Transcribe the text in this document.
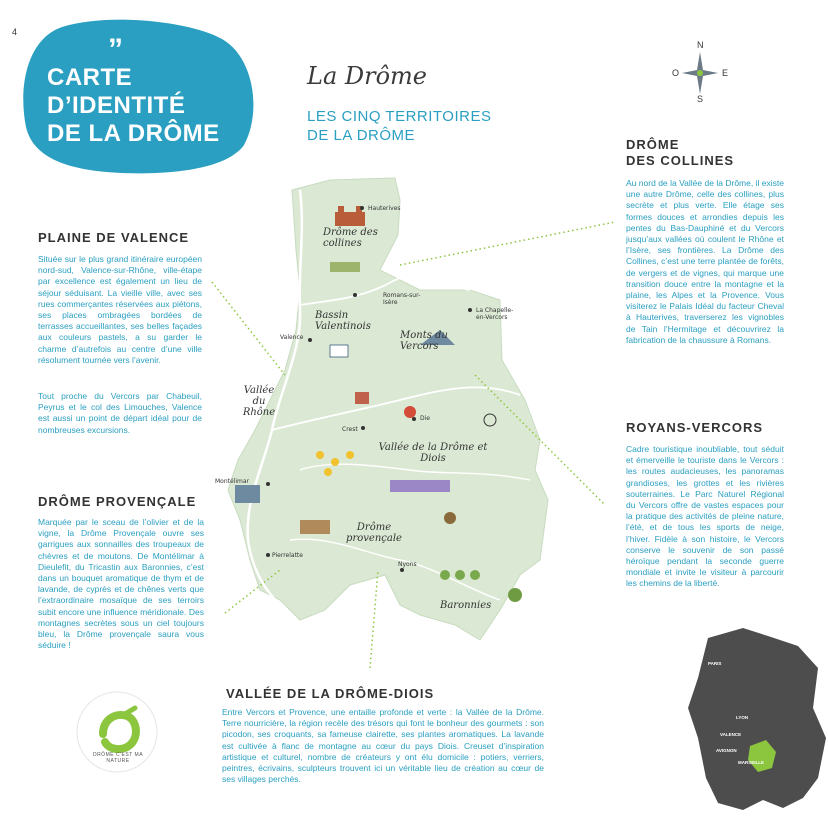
4
”
CARTE
D’IDENTITÉ
DE LA DRÔME
La Drôme
LES CINQ TERRITOIRES
DE LA DRÔME
N
O	E
S
Drôme des collines
Bassin Valentinois
Monts du Vercors
Vallée du Rhône
Vallée de la Drôme et Diois
Drôme provençale
Baronnies
Hauterives
Romans-sur-Isère
La Chapelle-en-Vercors
Valence
Crest
Die
Montélimar
Pierrelatte
Nyons
PLAINE DE VALENCE
Située sur le plus grand itinéraire européen nord-sud, Valence-sur-Rhône, ville-étape par excellence est également un lieu de séjour séduisant. La vieille ville, avec ses rues commerçantes réservées aux piétons, ses places ombragées bordées de terrasses accueillantes, ses belles façades aux couleurs pastels, a su garder le charme d’autrefois au centre d’une ville résolument tournée vers l’avenir.
Tout proche du Vercors par Chabeuil, Peyrus et le col des Limouches, Valence est aussi un point de départ idéal pour de nombreuses excursions.
DRÔME PROVENÇALE
Marquée par le sceau de l’olivier et de la vigne, la Drôme Provençale ouvre ses garrigues aux sonnailles des troupeaux de chèvres et de moutons. De Montélimar à Dieulefit, du Tricastin aux Baronnies, c’est dans un bouquet aromatique de thym et de lavande, de cyprès et de chênes verts que l’extraordinaire mosaïque de ses terroirs subit encore une influence méridionale. Des montagnes secrètes sous un ciel toujours bleu, la Drôme provençale saura vous séduire !
DRÔME
DES COLLINES
Au nord de la Vallée de la Drôme, il existe une autre Drôme, celle des collines, plus secrète et plus verte. Elle étage ses formes douces et arrondies depuis les pentes du Bas-Dauphiné et du Vercors jusqu’aux vallées où coulent le Rhône et l’Isère, ses frontières. La Drôme des Collines, c’est une terre plantée de forêts, de vergers et de vignes, qui marque une transition douce entre la montagne et la plaine, les Alpes et la Provence. Vous visiterez le Palais Idéal du facteur Cheval à Hauterives, traverserez les vignobles de Tain l’Hermitage et découvrirez la fabrication de la chaussure à Romans.
ROYANS-VERCORS
Cadre touristique inoubliable, tout séduit et émerveille le touriste dans le Vercors : les routes audacieuses, les panoramas grandioses, les grottes et les rivières souterraines. Le Parc Naturel Régional du Vercors offre de vastes espaces pour la pratique des activités de pleine nature, l’été, et de tous les sports de neige, l’hiver. Fidèle à son histoire, le Vercors conserve le souvenir de son passé héroïque pendant la seconde guerre mondiale et invite le visiteur à parcourir les chemins de la liberté.
VALLÉE DE LA DRÔME-DIOIS
Entre Vercors et Provence, une entaille profonde et verte : la Vallée de la Drôme. Terre nourricière, la région recèle des trésors qui font le bonheur des gourmets : son picodon, ses croquants, sa fameuse clairette, ses plantes aromatiques. La lavande est cultivée à flanc de montagne au cœur du pays Diois. Creuset d’inspiration artistique et culturel, nombre de créateurs y ont élu domicile : potiers, verriers, peintres, écrivains, sculpteurs trouvent ici un véritable lieu de création au cœur de ses villages perchés.
DRÔME C'EST MA NATURE
PARIS
LYON
VALENCE
AVIGNON
MARSEILLE
